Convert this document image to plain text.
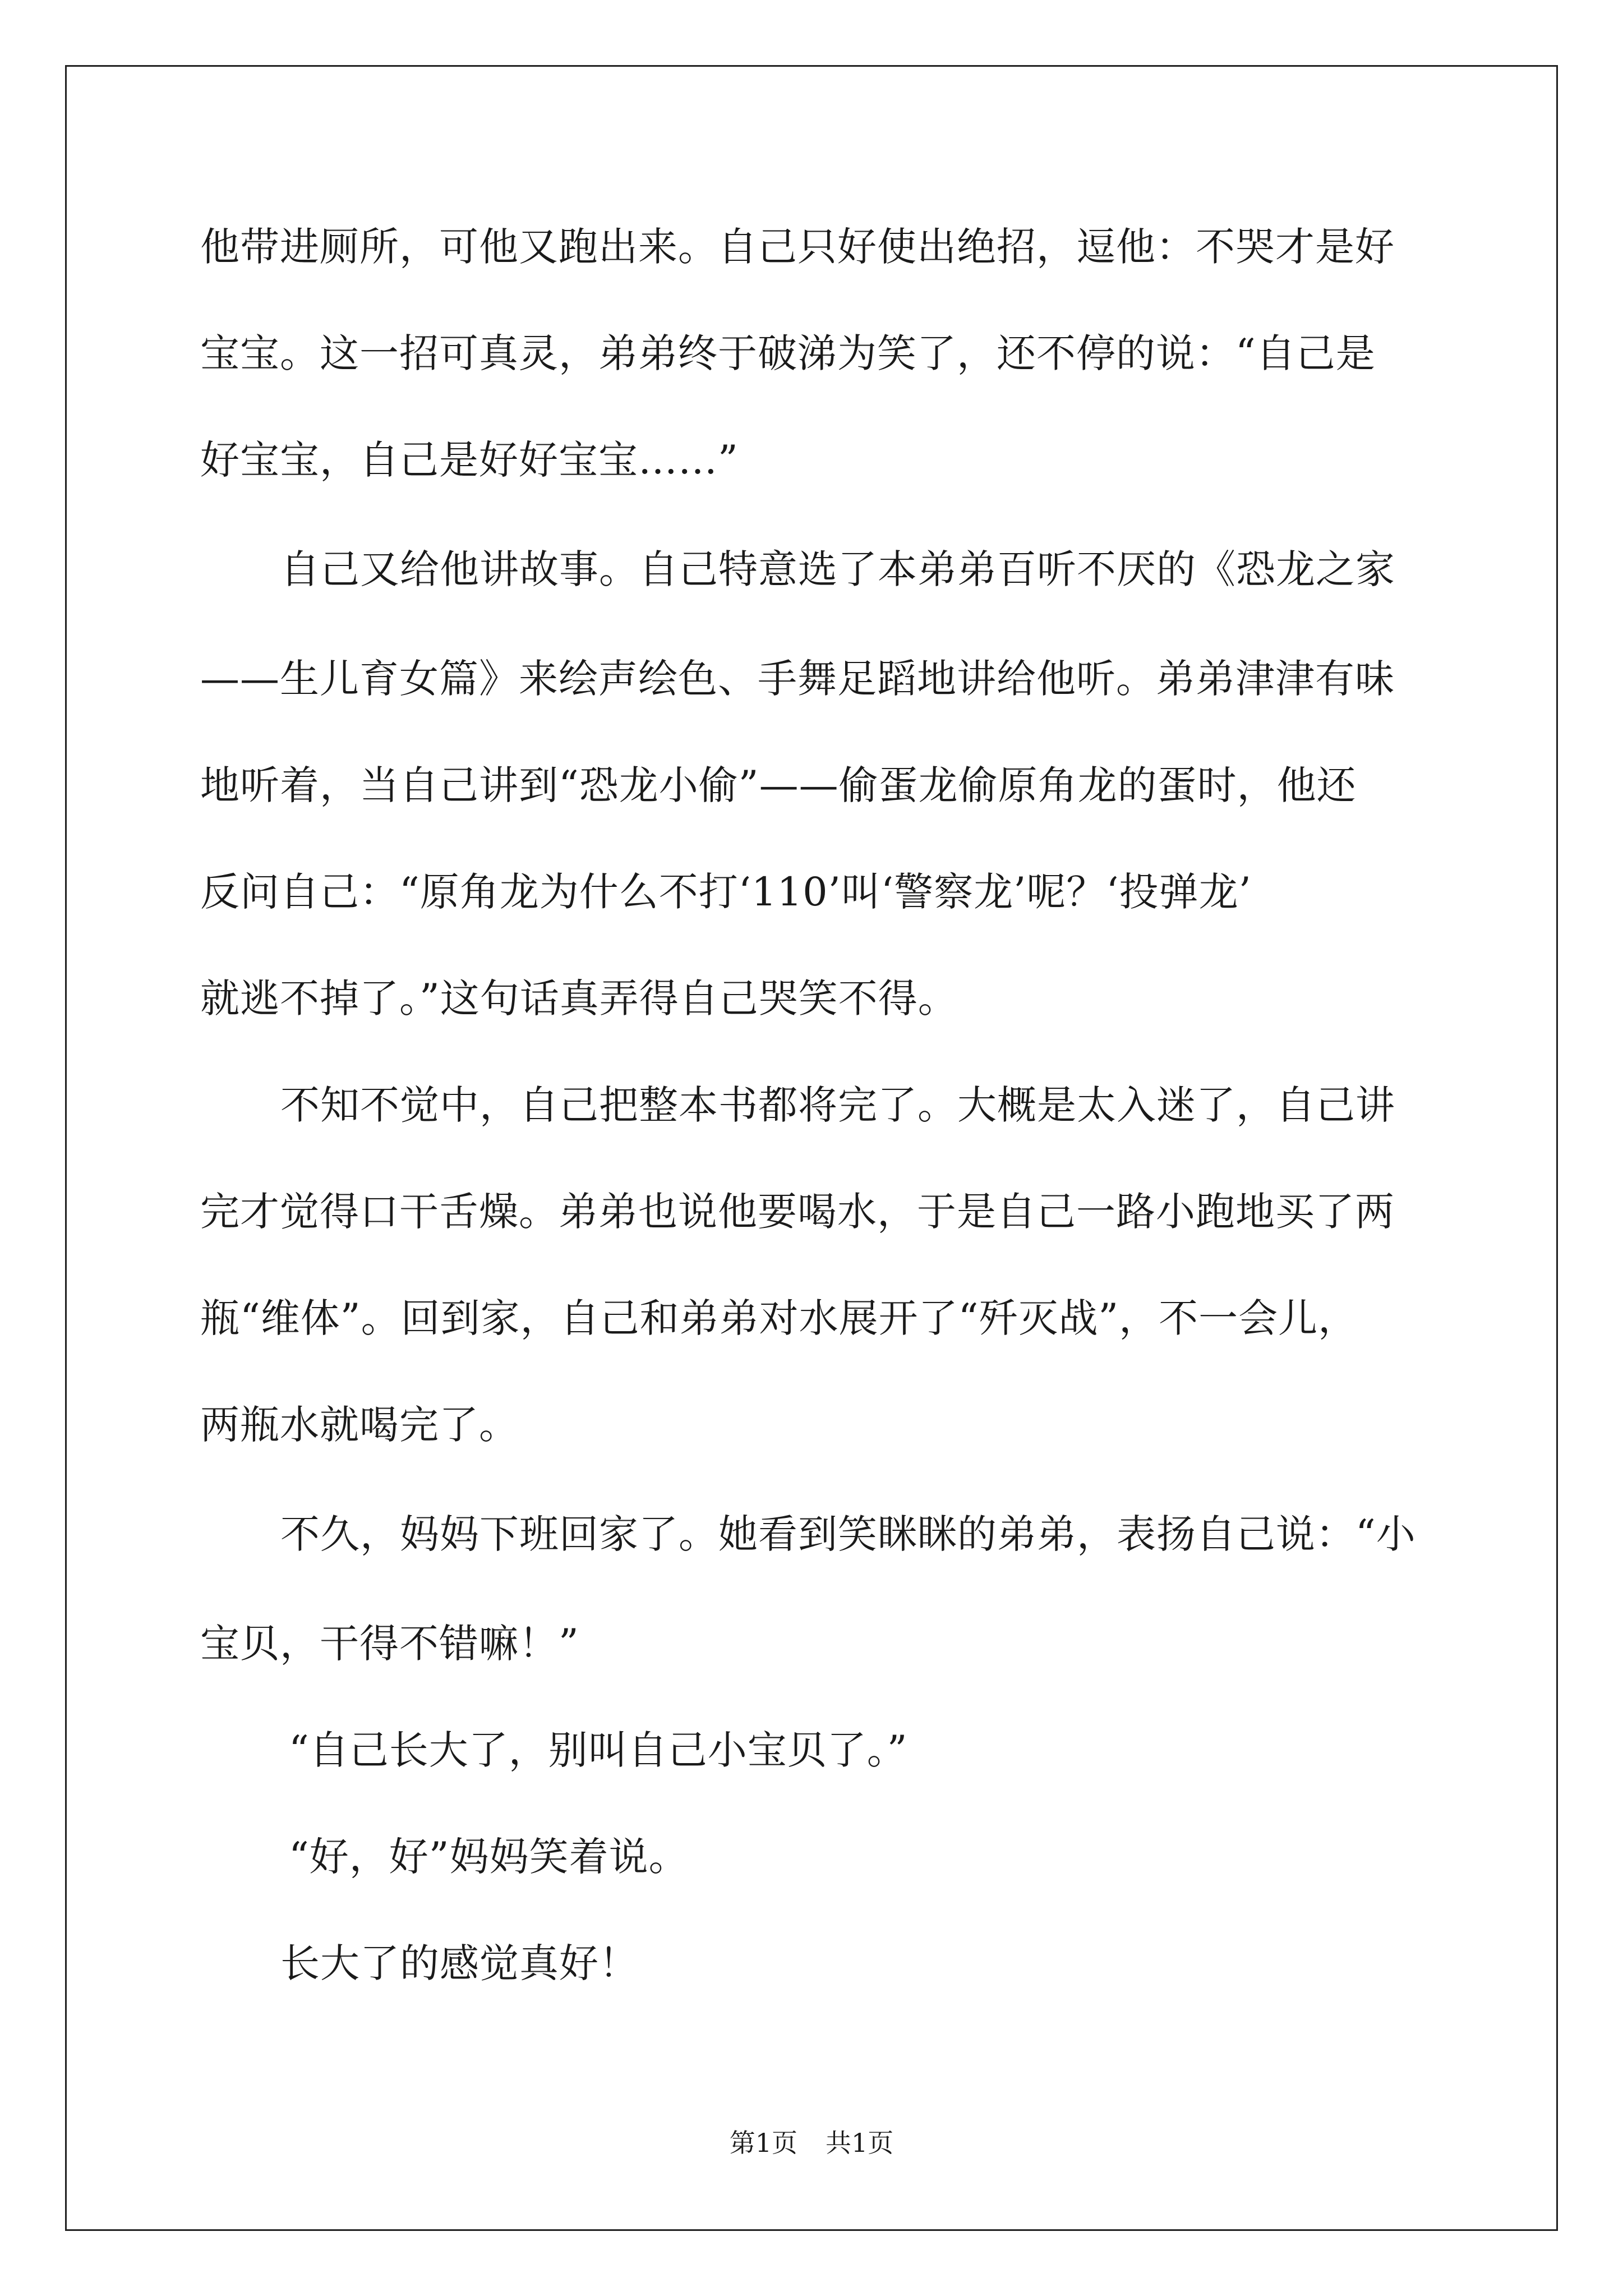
他带进厕所，可他又跑出来。自己只好使出绝招，逗他：不哭才是好

宝宝。这一招可真灵，弟弟终于破涕为笑了，还不停的说：“自己是

好宝宝，自己是好好宝宝……”

自己又给他讲故事。自己特意选了本弟弟百听不厌的《恐龙之家

——生儿育女篇》来绘声绘色、手舞足蹈地讲给他听。弟弟津津有味

地听着，当自己讲到“恐龙小偷”——偷蛋龙偷原角龙的蛋时，他还

反问自己：“原角龙为什么不打‘110’叫‘警察龙’呢？‘投弹龙’

就逃不掉了。”这句话真弄得自己哭笑不得。

不知不觉中，自己把整本书都将完了。大概是太入迷了，自己讲

完才觉得口干舌燥。弟弟也说他要喝水，于是自己一路小跑地买了两

瓶“维体”。回到家，自己和弟弟对水展开了“歼灭战”，不一会儿，

两瓶水就喝完了。

不久，妈妈下班回家了。她看到笑眯眯的弟弟，表扬自己说：“小

宝贝，干得不错嘛！”

“自己长大了，别叫自己小宝贝了。”

“好，好”妈妈笑着说。

长大了的感觉真好！

第1页 共1页
